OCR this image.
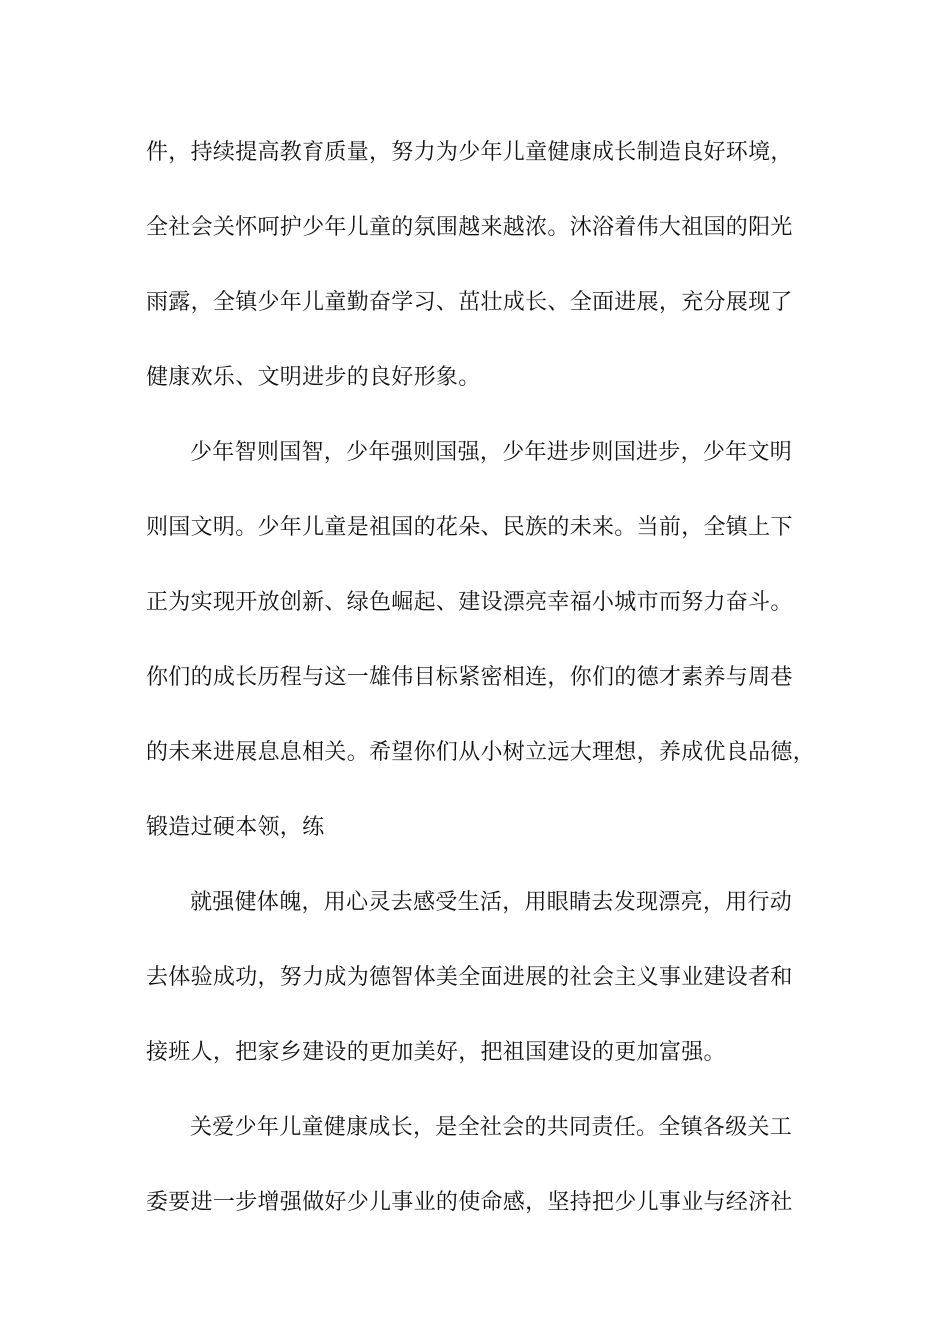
件，持续提高教育质量，努力为少年儿童健康成长制造良好环境，
全社会关怀呵护少年儿童的氛围越来越浓。沐浴着伟大祖国的阳光
雨露，全镇少年儿童勤奋学习、茁壮成长、全面进展，充分展现了
健康欢乐、文明进步的良好形象。
少年智则国智，少年强则国强，少年进步则国进步，少年文明
则国文明。少年儿童是祖国的花朵、民族的未来。当前，全镇上下
正为实现开放创新、绿色崛起、建设漂亮幸福小城市而努力奋斗。
你们的成长历程与这一雄伟目标紧密相连，你们的德才素养与周巷
的未来进展息息相关。希望你们从小树立远大理想，养成优良品德，
锻造过硬本领，练
就强健体魄，用心灵去感受生活，用眼睛去发现漂亮，用行动
去体验成功，努力成为德智体美全面进展的社会主义事业建设者和
接班人，把家乡建设的更加美好，把祖国建设的更加富强。
关爱少年儿童健康成长，是全社会的共同责任。全镇各级关工
委要进一步增强做好少儿事业的使命感，坚持把少儿事业与经济社
